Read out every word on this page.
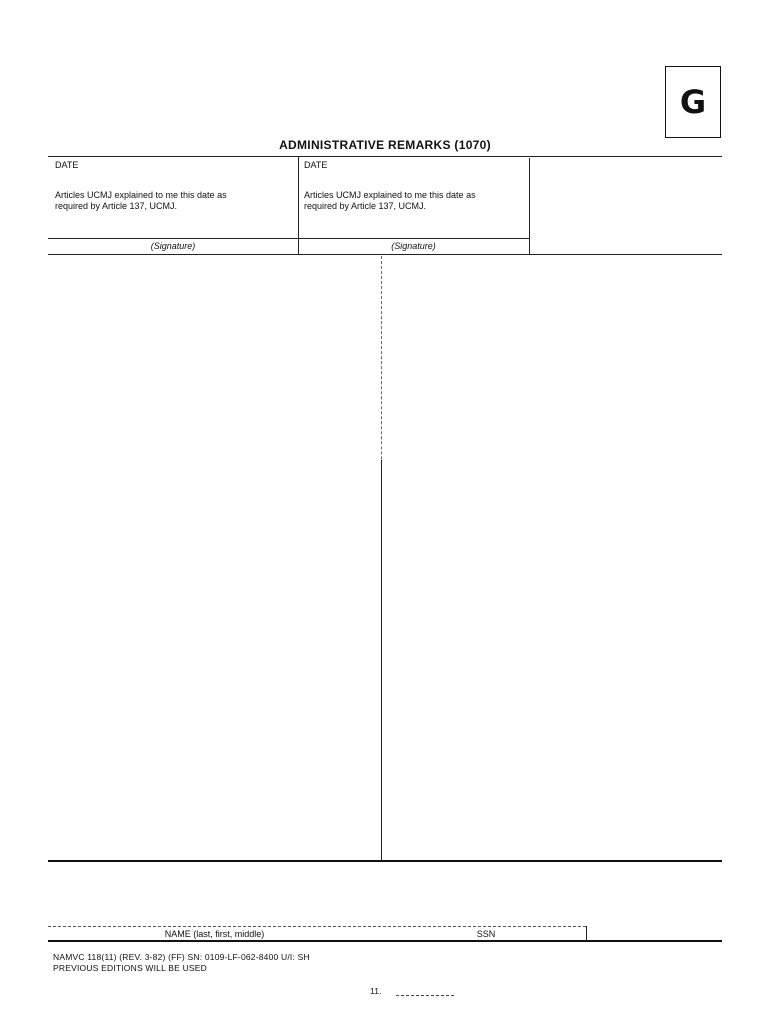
G
ADMINISTRATIVE REMARKS (1070)
DATE
Articles UCMJ explained to me this date as
required by Article 137, UCMJ.
(Signature)
DATE
Articles UCMJ explained to me this date as
required by Article 137, UCMJ.
(Signature)
NAME (last, first, middle)	SSN
NAMVC 118(11) (REV. 3-82) (FF) SN: 0109-LF-062-8400 U/I: SH
PREVIOUS EDITIONS WILL BE USED
11.
